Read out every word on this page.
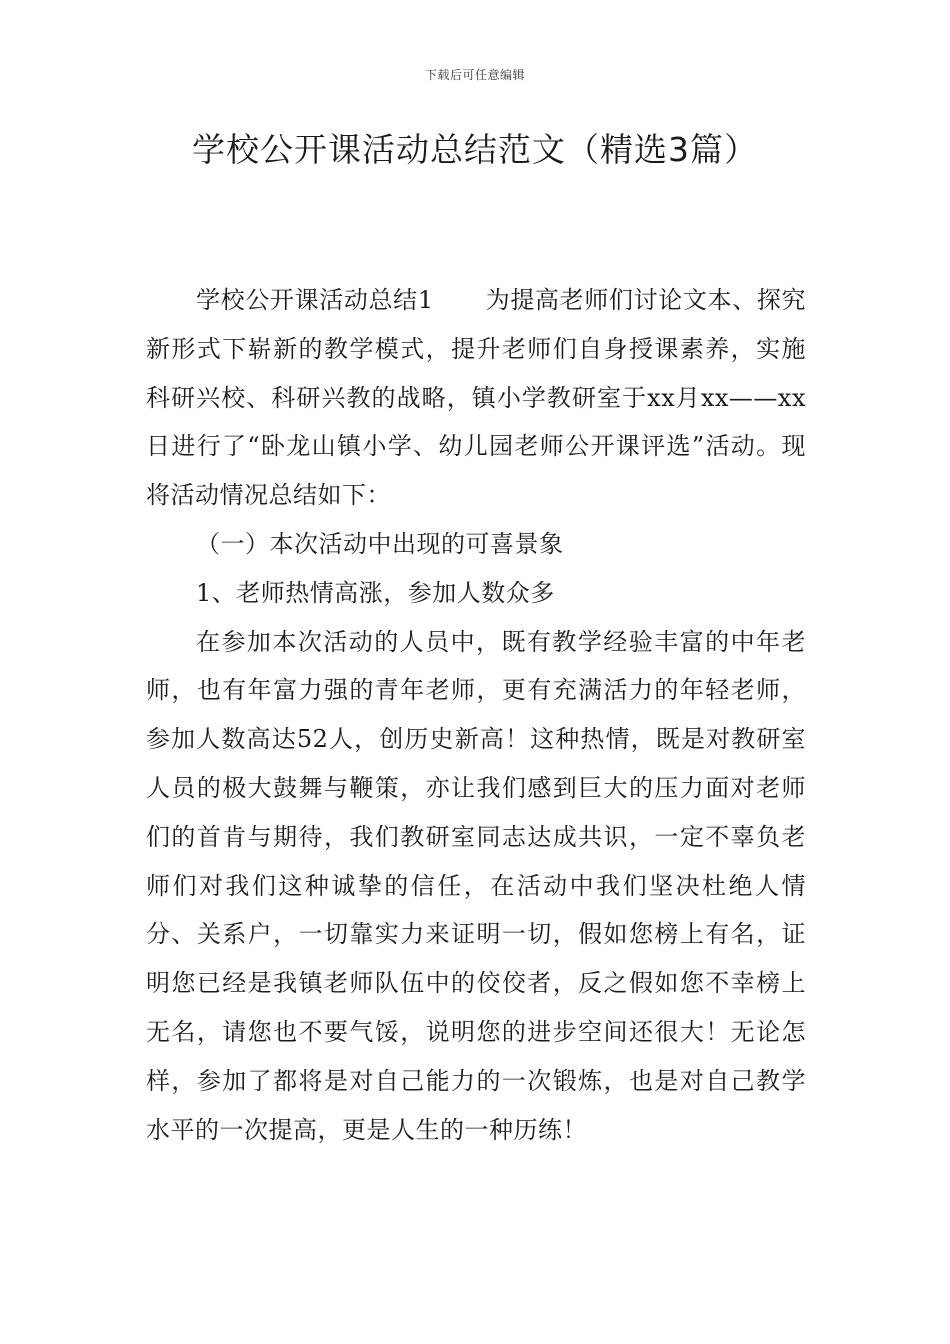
下载后可任意编辑
学校公开课活动总结范文（精选3篇）

学校公开课活动总结1 为提高老师们讨论文本、探究新形式下崭新的教学模式，提升老师们自身授课素养，实施科研兴校、科研兴教的战略，镇小学教研室于xx月xx——xx日进行了“卧龙山镇小学、幼儿园老师公开课评选”活动。现将活动情况总结如下：

（一）本次活动中出现的可喜景象

1、老师热情高涨，参加人数众多

在参加本次活动的人员中，既有教学经验丰富的中年老师，也有年富力强的青年老师，更有充满活力的年轻老师，参加人数高达52人，创历史新高！这种热情，既是对教研室人员的极大鼓舞与鞭策，亦让我们感到巨大的压力面对老师们的首肯与期待，我们教研室同志达成共识，一定不辜负老师们对我们这种诚挚的信任，在活动中我们坚决杜绝人情分、关系户，一切靠实力来证明一切，假如您榜上有名，证明您已经是我镇老师队伍中的佼佼者，反之假如您不幸榜上无名，请您也不要气馁，说明您的进步空间还很大！无论怎样，参加了都将是对自己能力的一次锻炼，也是对自己教学水平的一次提高，更是人生的一种历练！
